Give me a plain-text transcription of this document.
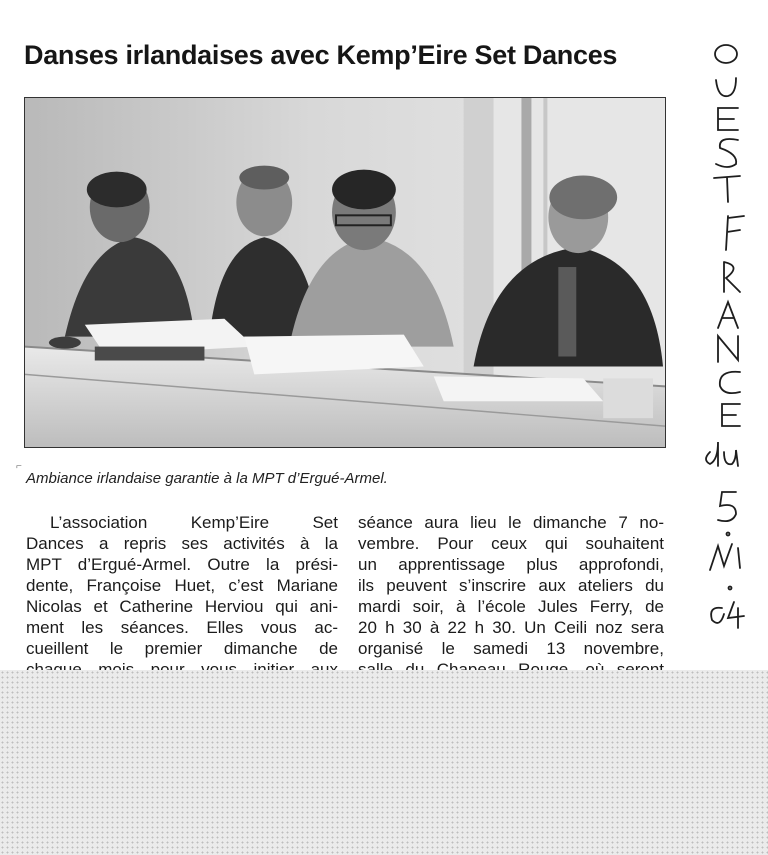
Danses irlandaises avec Kemp’Eire Set Dances
⌐

Ambiance irlandaise garantie à la MPT d’Ergué-Armel.

L’association Kemp’Eire Set
Dances a repris ses activités à la
MPT d’Ergué-Armel. Outre la prési-
dente, Françoise Huet, c’est Mariane
Nicolas et Catherine Herviou qui ani-
ment les séances. Elles vous ac-
cueillent le premier dimanche de
séance aura lieu le dimanche 7 no-
vembre. Pour ceux qui souhaitent
un apprentissage plus approfondi,
ils peuvent s’inscrire aux ateliers du
mardi soir, à l’école Jules Ferry, de
20 h 30 à 22 h 30. Un Ceili noz sera
organisé le samedi 13 novembre,
